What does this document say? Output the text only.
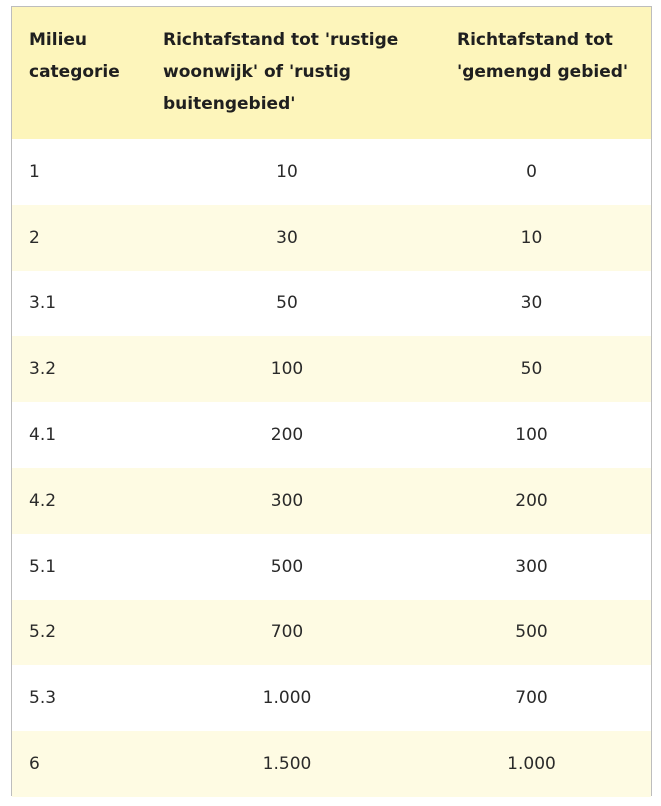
Milieu categorie	Richtafstand tot 'rustige woonwijk' of 'rustig buitengebied'	Richtafstand tot 'gemengd gebied'
1	10	0
2	30	10
3.1	50	30
3.2	100	50
4.1	200	100
4.2	300	200
5.1	500	300
5.2	700	500
5.3	1.000	700
6	1.500	1.000
